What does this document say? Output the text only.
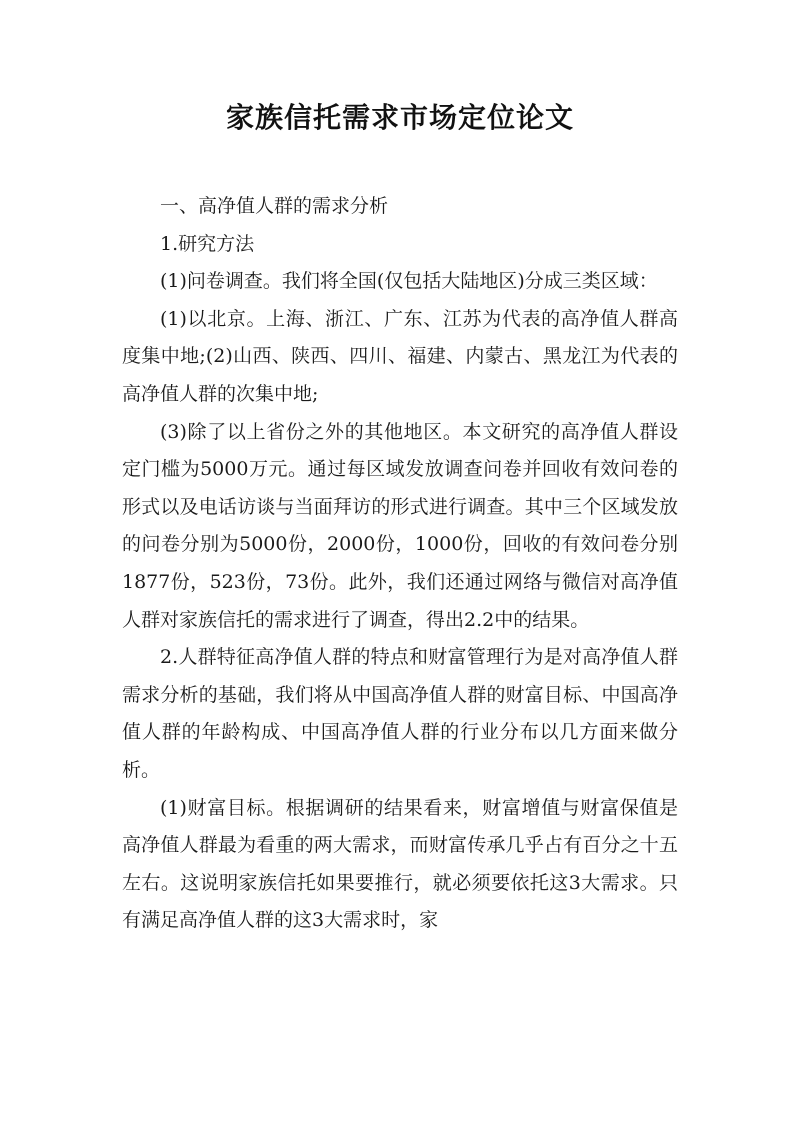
家族信托需求市场定位论文

一、高净值人群的需求分析

1.研究方法

(1)问卷调查。我们将全国(仅包括大陆地区)分成三类区域：

(1)以北京。上海、浙江、广东、江苏为代表的高净值人群高度集中地;(2)山西、陕西、四川、福建、内蒙古、黑龙江为代表的高净值人群的次集中地;

(3)除了以上省份之外的其他地区。本文研究的高净值人群设定门槛为5000万元。通过每区域发放调查问卷并回收有效问卷的形式以及电话访谈与当面拜访的形式进行调查。其中三个区域发放的问卷分别为5000份，2000份，1000份，回收的有效问卷分别1877份，523份，73份。此外，我们还通过网络与微信对高净值人群对家族信托的需求进行了调查，得出2.2中的结果。

2.人群特征高净值人群的特点和财富管理行为是对高净值人群需求分析的基础，我们将从中国高净值人群的财富目标、中国高净值人群的年龄构成、中国高净值人群的行业分布以几方面来做分析。

(1)财富目标。根据调研的结果看来，财富增值与财富保值是高净值人群最为看重的两大需求，而财富传承几乎占有百分之十五左右。这说明家族信托如果要推行，就必须要依托这3大需求。只有满足高净值人群的这3大需求时，家
